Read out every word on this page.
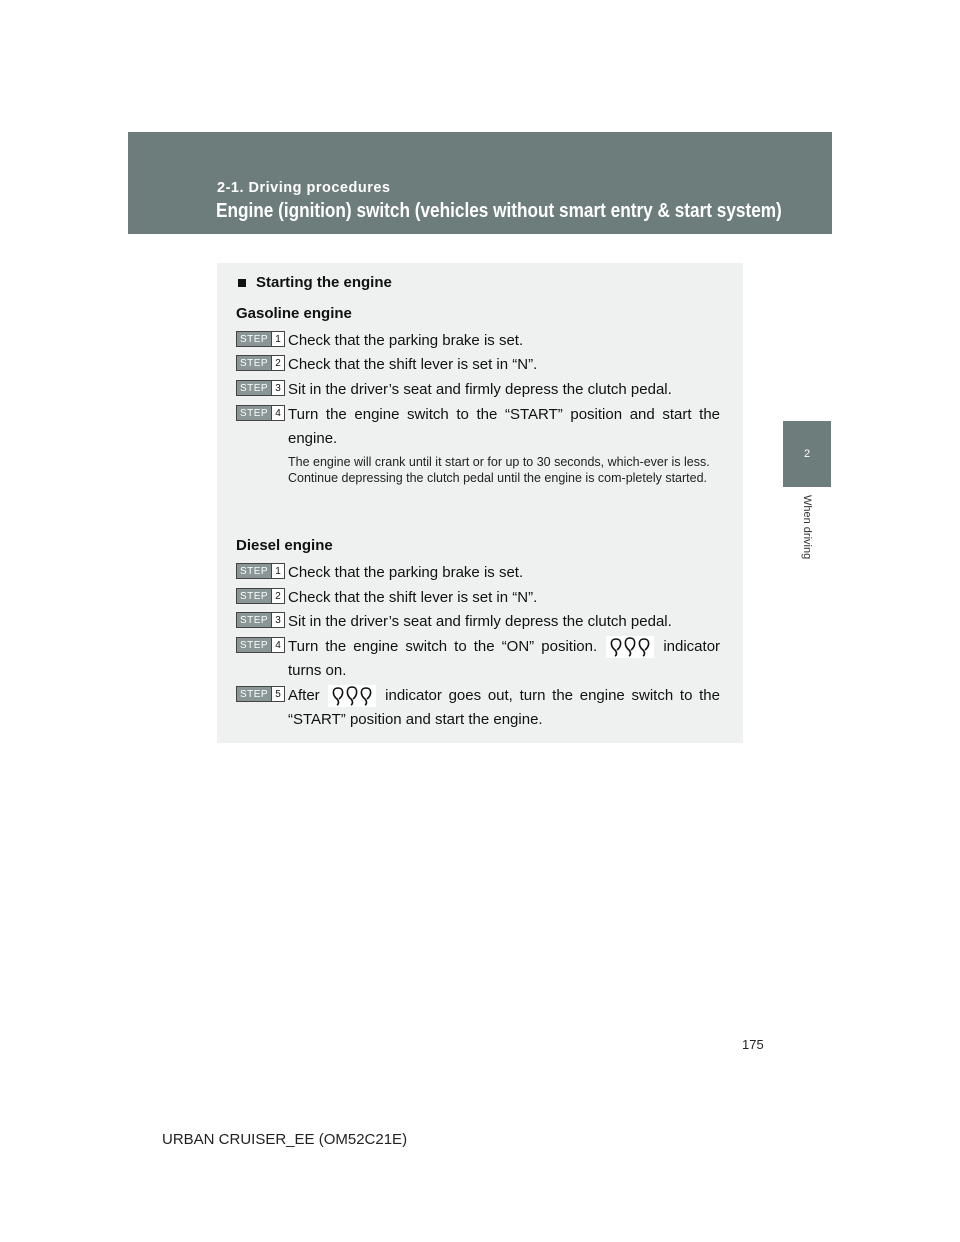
2-1. Driving procedures

Engine (ignition) switch (vehicles without smart entry & start system)
2
When driving
Starting the engine
Gasoline engine
STEP 1 Check that the parking brake is set.
STEP 2 Check that the shift lever is set in “N”.
STEP 3 Sit in the driver’s seat and firmly depress the clutch pedal.
STEP 4 Turn the engine switch to the “START” position and start the engine.
The engine will crank until it start or for up to 30 seconds, which-ever is less.
Continue depressing the clutch pedal until the engine is com-pletely started.
Diesel engine
STEP 1 Check that the parking brake is set.
STEP 2 Check that the shift lever is set in “N”.
STEP 3 Sit in the driver’s seat and firmly depress the clutch pedal.
STEP 4 Turn the engine switch to the “ON” position.	indicator turns on.
STEP 5 After	indicator goes out, turn the engine switch to the “START” position and start the engine.
175
URBAN CRUISER_EE (OM52C21E)
